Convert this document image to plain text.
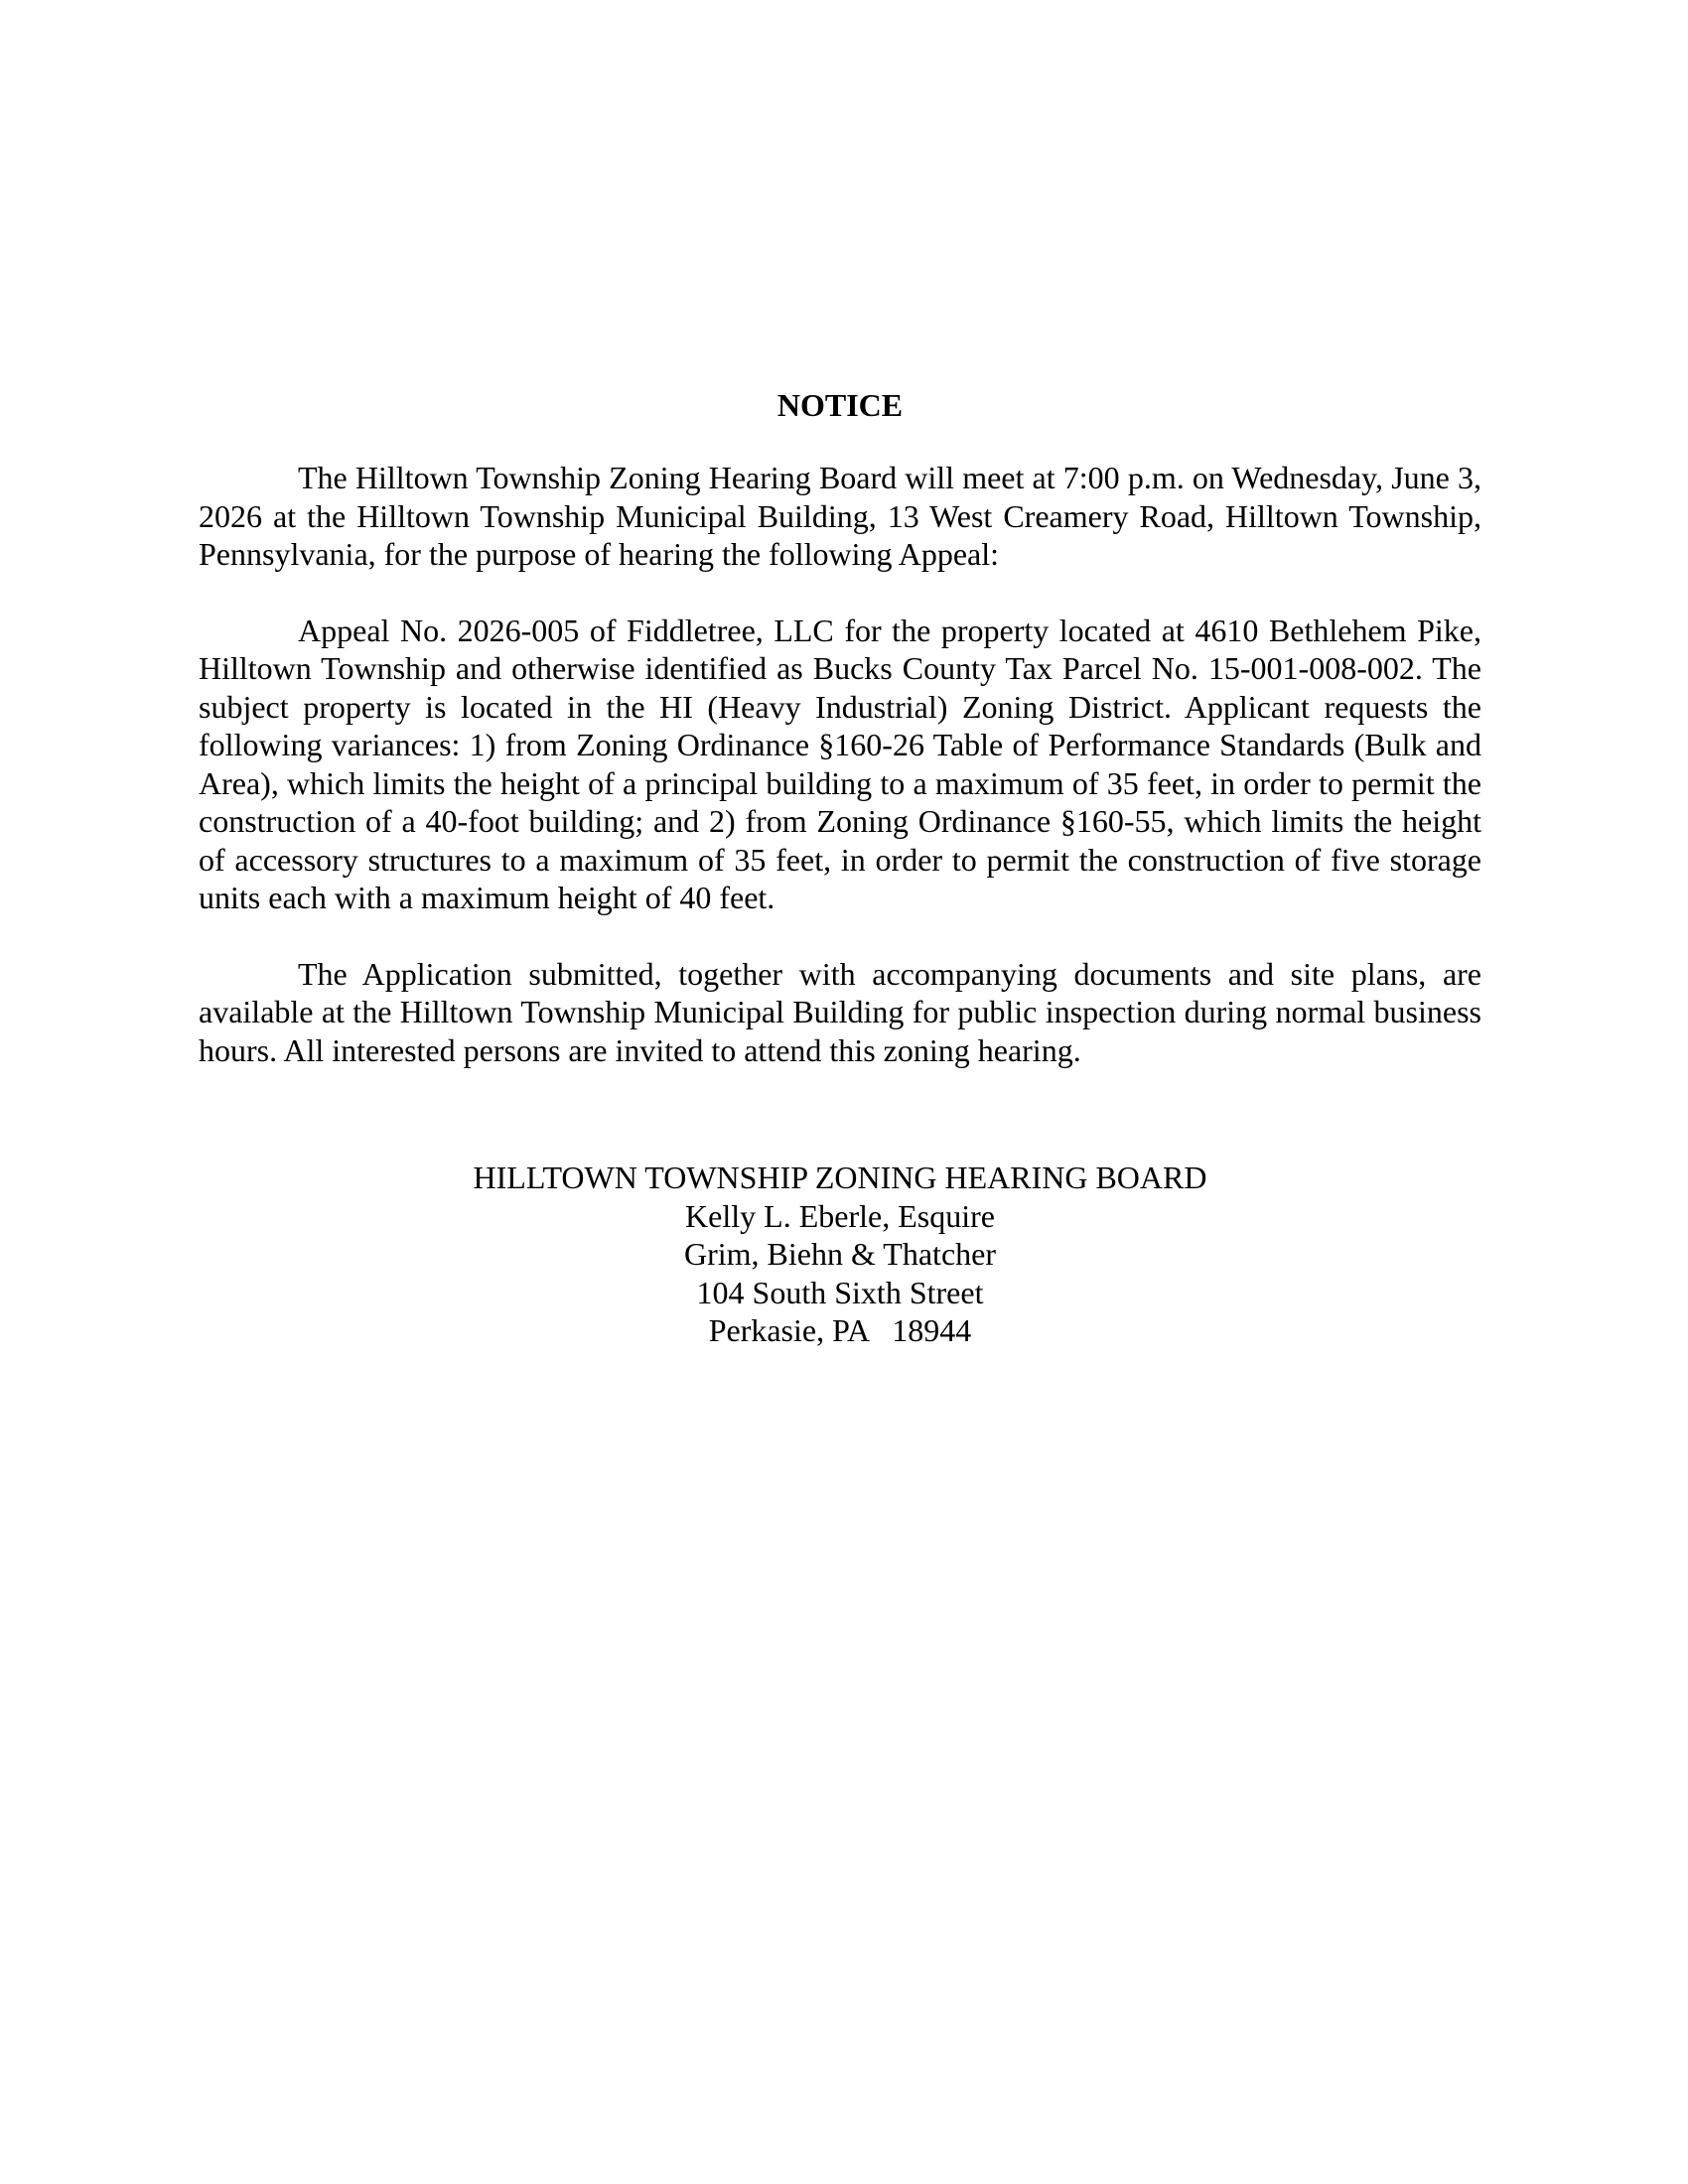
NOTICE

The Hilltown Township Zoning Hearing Board will meet at 7:00 p.m. on Wednesday, June 3, 2026 at the Hilltown Township Municipal Building, 13 West Creamery Road, Hilltown Township, Pennsylvania, for the purpose of hearing the following Appeal:

Appeal No. 2026-005 of Fiddletree, LLC for the property located at 4610 Bethlehem Pike, Hilltown Township and otherwise identified as Bucks County Tax Parcel No. 15-001-008-002. The subject property is located in the HI (Heavy Industrial) Zoning District. Applicant requests the following variances: 1) from Zoning Ordinance §160-26 Table of Performance Standards (Bulk and Area), which limits the height of a principal building to a maximum of 35 feet, in order to permit the construction of a 40-foot building; and 2) from Zoning Ordinance §160-55, which limits the height of accessory structures to a maximum of 35 feet, in order to permit the construction of five storage units each with a maximum height of 40 feet.

The Application submitted, together with accompanying documents and site plans, are available at the Hilltown Township Municipal Building for public inspection during normal business hours. All interested persons are invited to attend this zoning hearing.

HILLTOWN TOWNSHIP ZONING HEARING BOARD
Kelly L. Eberle, Esquire
Grim, Biehn & Thatcher
104 South Sixth Street
Perkasie, PA   18944
